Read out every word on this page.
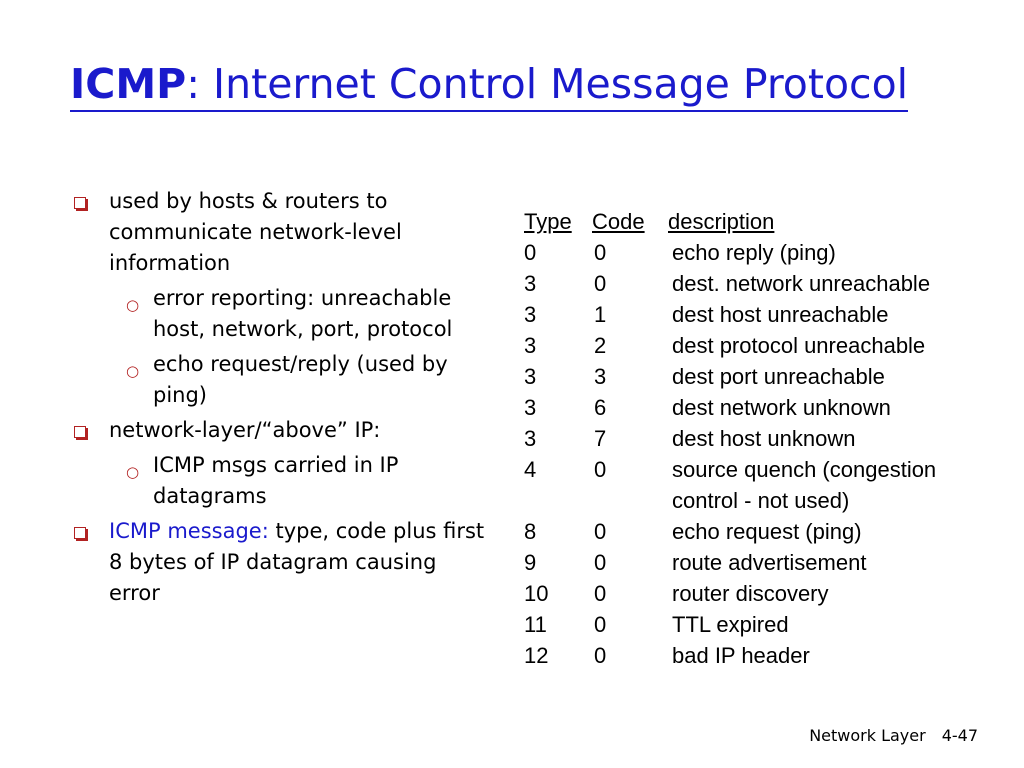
ICMP: Internet Control Message Protocol
used by hosts & routers to communicate network-level information
○ error reporting: unreachable host, network, port, protocol
○ echo request/reply (used by ping)
network-layer/“above” IP:
○ ICMP msgs carried in IP datagrams
ICMP message: type, code plus first 8 bytes of IP datagram causing error
Type Code description
0	0	echo reply (ping)
3	0	dest. network unreachable
3	1	dest host unreachable
3	2	dest protocol unreachable
3	3	dest port unreachable
3	6	dest network unknown
3	7	dest host unknown
4	0	source quench (congestion
control - not used)
8	0	echo request (ping)
9	0	route advertisement
10 0	router discovery
11 0	TTL expired
12 0	bad IP header
Network Layer 4-47
